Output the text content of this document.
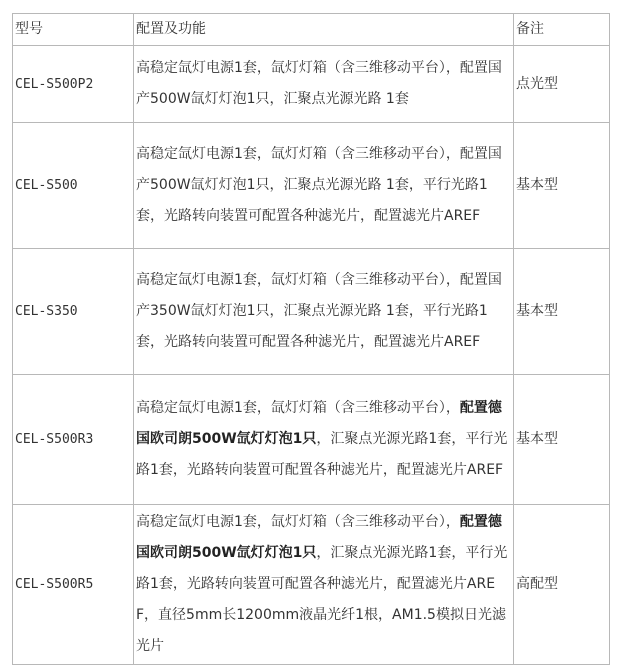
型号	配置及功能	备注
CEL-S500P2	高稳定氙灯电源1套，氙灯灯箱（含三维移动平台），配置国产500W氙灯灯泡1只，汇聚点光源光路 1套	点光型
CEL-S500	高稳定氙灯电源1套，氙灯灯箱（含三维移动平台），配置国产500W氙灯灯泡1只，汇聚点光源光路 1套，平行光路1套，光路转向装置可配置各种滤光片，配置滤光片AREF	基本型
CEL-S350	高稳定氙灯电源1套，氙灯灯箱（含三维移动平台），配置国产350W氙灯灯泡1只，汇聚点光源光路 1套，平行光路1套，光路转向装置可配置各种滤光片，配置滤光片AREF	基本型
CEL-S500R3	高稳定氙灯电源1套，氙灯灯箱（含三维移动平台），配置德国欧司朗500W氙灯灯泡1只，汇聚点光源光路1套，平行光路1套，光路转向装置可配置各种滤光片，配置滤光片AREF	基本型
CEL-S500R5	高稳定氙灯电源1套，氙灯灯箱（含三维移动平台），配置德国欧司朗500W氙灯灯泡1只，汇聚点光源光路1套，平行光路1套，光路转向装置可配置各种滤光片，配置滤光片AREF，直径5mm长1200mm液晶光纤1根，AM1.5模拟日光滤光片	高配型
